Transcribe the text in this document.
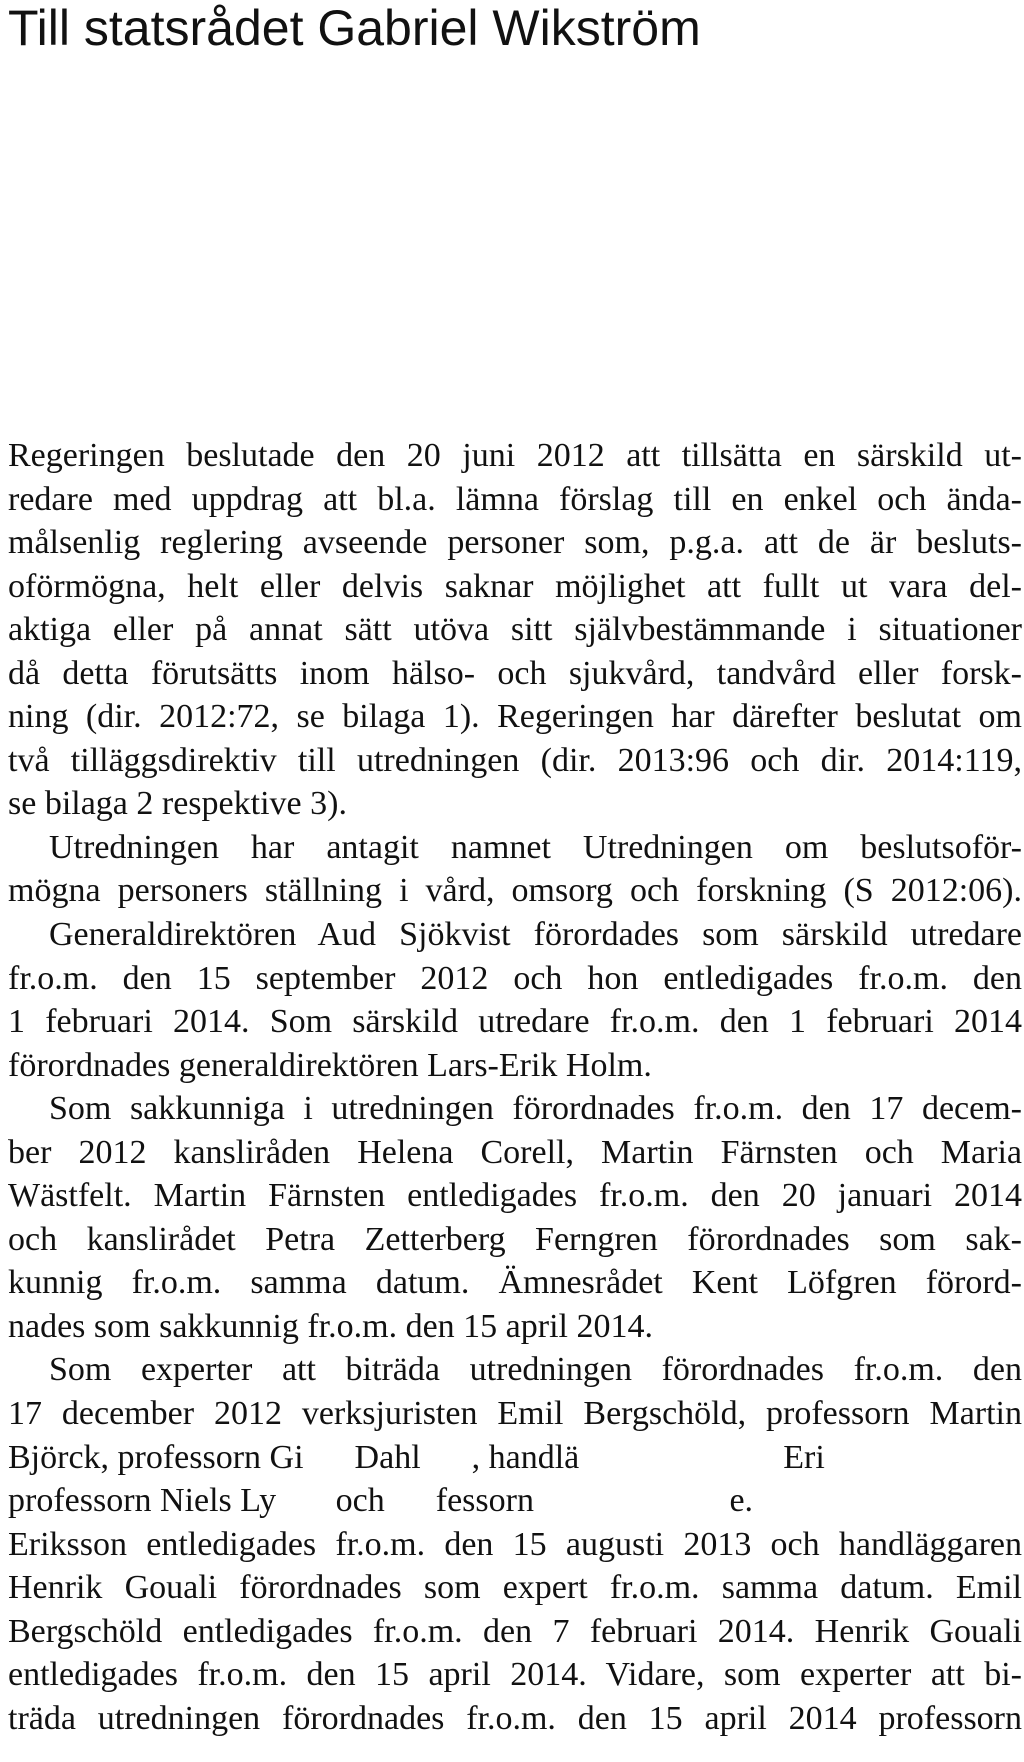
Till statsrådet Gabriel Wikström
Regeringen beslutade den 20 juni 2012 att tillsätta en särskild ut-
redare med uppdrag att bl.a. lämna förslag till en enkel och ända-
målsenlig reglering avseende personer som, p.g.a. att de är besluts-
oförmögna, helt eller delvis saknar möjlighet att fullt ut vara del-
aktiga eller på annat sätt utöva sitt självbestämmande i situationer
då detta förutsätts inom hälso- och sjukvård, tandvård eller forsk-
ning (dir. 2012:72, se bilaga 1). Regeringen har därefter beslutat om
två tilläggsdirektiv till utredningen (dir. 2013:96 och dir. 2014:119,
se bilaga 2 respektive 3).
Utredningen har antagit namnet Utredningen om beslutsoför-
mögna personers ställning i vård, omsorg och forskning (S 2012:06).
Generaldirektören Aud Sjökvist förordades som särskild utredare
fr.o.m. den 15 september 2012 och hon entledigades fr.o.m. den
1 februari 2014. Som särskild utredare fr.o.m. den 1 februari 2014
förordnades generaldirektören Lars-Erik Holm.
Som sakkunniga i utredningen förordnades fr.o.m. den 17 decem-
ber 2012 kansliråden Helena Corell, Martin Färnsten och Maria
Wästfelt. Martin Färnsten entledigades fr.o.m. den 20 januari 2014
och kanslirådet Petra Zetterberg Ferngren förordnades som sak-
kunnig fr.o.m. samma datum. Ämnesrådet Kent Löfgren förord-
nades som sakkunnig fr.o.m. den 15 april 2014.
Som experter att biträda utredningen förordnades fr.o.m. den
17 december 2012 verksjuristen Emil Bergschöld, professorn Martin
Björck, professorn Gi      Dahl      , handlä                        Eri
professorn Niels Ly       och      fessorn                       e.
Eriksson entledigades fr.o.m. den 15 augusti 2013 och handläggaren
Henrik Gouali förordnades som expert fr.o.m. samma datum. Emil
Bergschöld entledigades fr.o.m. den 7 februari 2014. Henrik Gouali
entledigades fr.o.m. den 15 april 2014. Vidare, som experter att bi-
träda utredningen förordnades fr.o.m. den 15 april 2014 professorn
